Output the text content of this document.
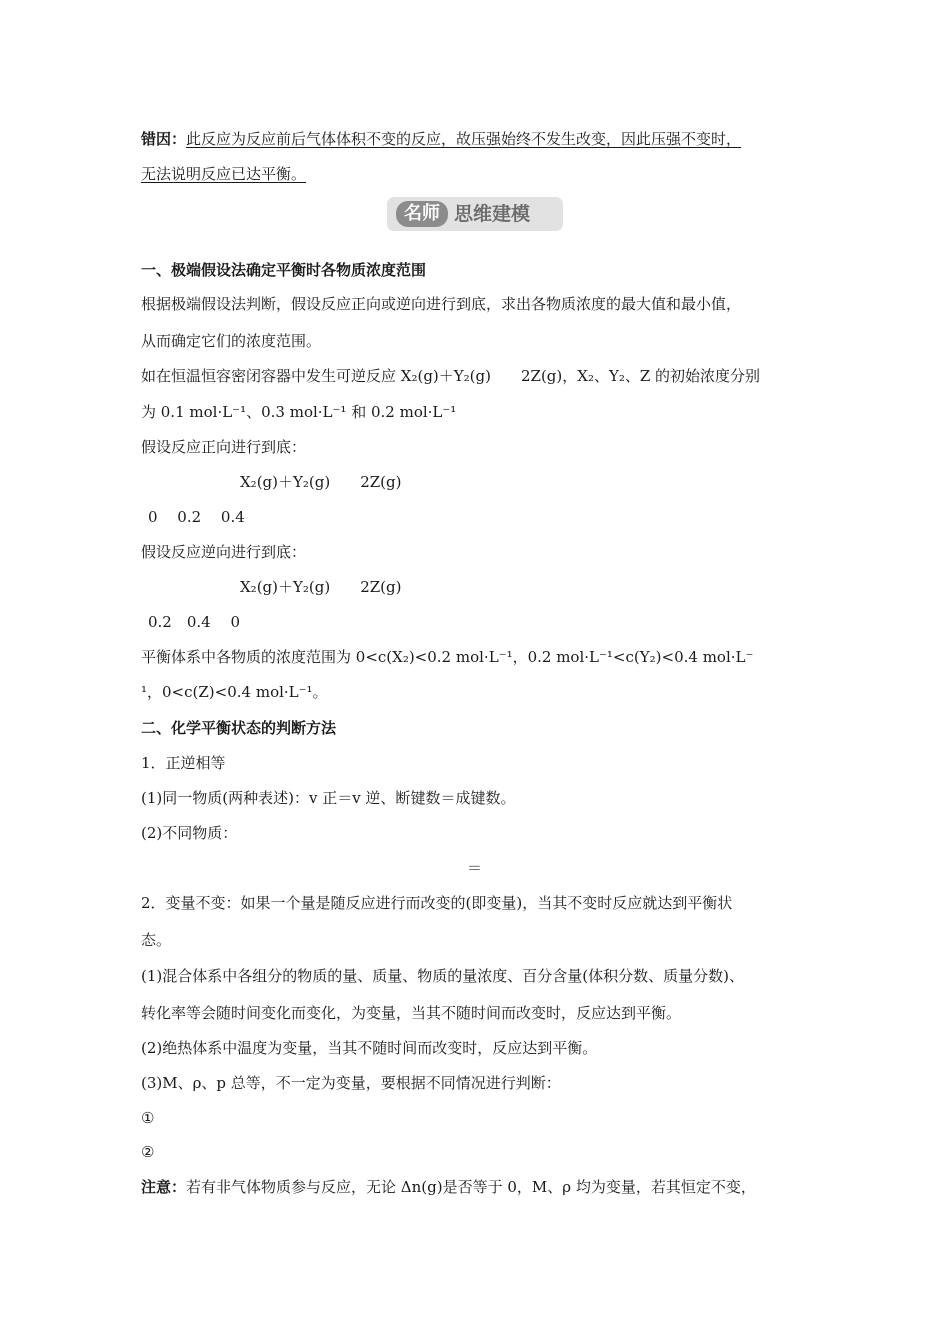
错因：此反应为反应前后气体体积不变的反应，故压强始终不发生改变，因此压强不变时，
无法说明反应已达平衡。
名师 思维建模
一、极端假设法确定平衡时各物质浓度范围
根据极端假设法判断，假设反应正向或逆向进行到底，求出各物质浓度的最大值和最小值，
从而确定它们的浓度范围。
如在恒温恒容密闭容器中发生可逆反应 X₂(g)＋Y₂(g)　　2Z(g)，X₂、Y₂、Z 的初始浓度分别
为 0.1 mol·L⁻¹、0.3 mol·L⁻¹ 和 0.2 mol·L⁻¹
假设反应正向进行到底：
X₂(g)＋Y₂(g)　　2Z(g)
0　 0.2　 0.4
假设反应逆向进行到底：
X₂(g)＋Y₂(g)　　2Z(g)
0.2　0.4　 0
平衡体系中各物质的浓度范围为 0<c(X₂)<0.2 mol·L⁻¹，0.2 mol·L⁻¹<c(Y₂)<0.4 mol·L⁻
¹，0<c(Z)<0.4 mol·L⁻¹。
二、化学平衡状态的判断方法
1．正逆相等
(1)同一物质(两种表述)：v 正＝v 逆、断键数＝成键数。
(2)不同物质：
＝
2．变量不变：如果一个量是随反应进行而改变的(即变量)，当其不变时反应就达到平衡状
态。
(1)混合体系中各组分的物质的量、质量、物质的量浓度、百分含量(体积分数、质量分数)、
转化率等会随时间变化而变化，为变量，当其不随时间而改变时，反应达到平衡。
(2)绝热体系中温度为变量，当其不随时间而改变时，反应达到平衡。
(3)M、ρ、p 总等，不一定为变量，要根据不同情况进行判断：
①
②
注意：若有非气体物质参与反应，无论 Δn(g)是否等于 0，M、ρ 均为变量，若其恒定不变，
